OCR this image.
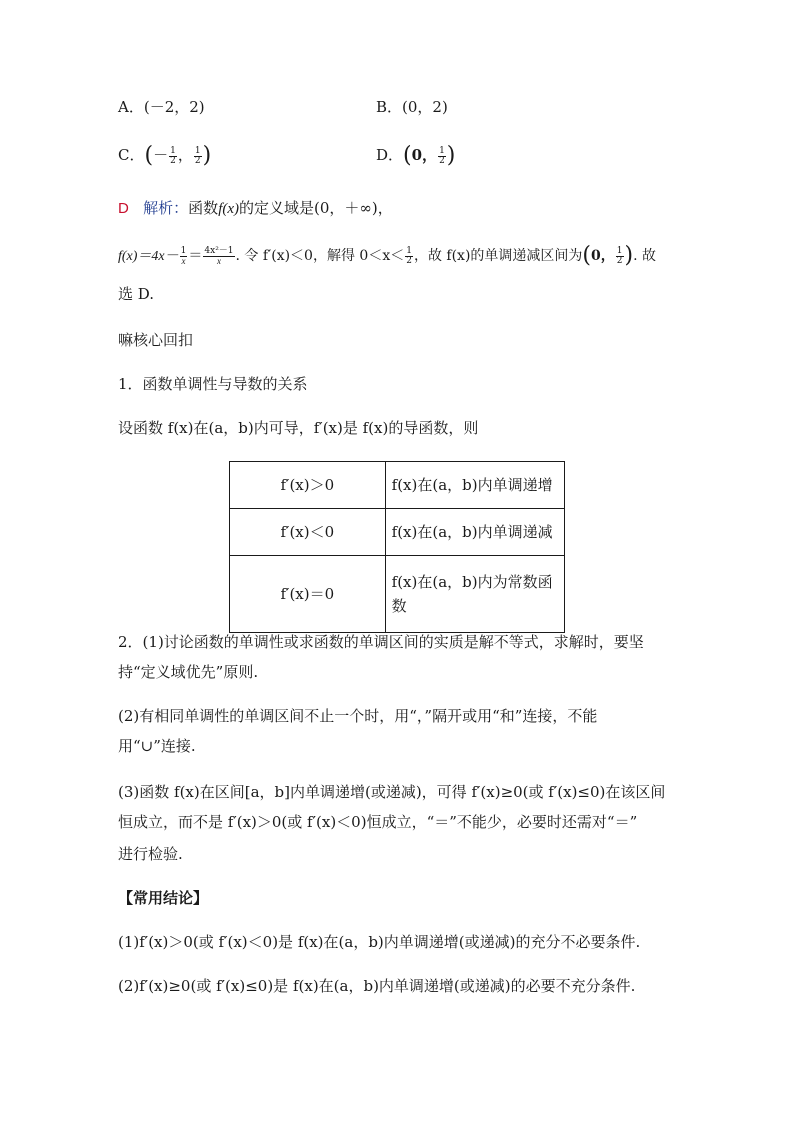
A．(－2，2)	B．(0，2)
C．(－ $\frac{1}{2}$ ， $\frac{1}{2}$ )	D．(0， $\frac{1}{2}$ )
D 解析：函数f(x)的定义域是(0，＋∞)，
$f(x)=4x- \frac{1}{x} = \frac{\text{4x²－1}}{x}$ . 令 f′(x)＜0，解得 $0<x< \frac{1}{2}$ ，故 f(x)的单调递减区间为(0， $\frac{1}{2}$ ). 故
选 D.
嘛核心回扣
1．函数单调性与导数的关系
设函数 f(x)在(a，b)内可导，f′(x)是 f(x)的导函数，则
f′(x)＞0	f(x)在(a，b)内单调递增
f′(x)＜0	f(x)在(a，b)内单调递减
f′(x)＝0	f(x)在(a，b)内为常数函数
2．(1)讨论函数的单调性或求函数的单调区间的实质是解不等式，求解时，要坚
持“定义域优先”原则.
(2)有相同单调性的单调区间不止一个时，用“，”隔开或用“和”连接，不能
用“∪”连接.
(3)函数 f(x)在区间[a，b]内单调递增(或递减)，可得 f′(x)≥0(或 f′(x)≤0)在该区间
恒成立，而不是 f′(x)＞0(或 f′(x)＜0)恒成立，“＝”不能少，必要时还需对“＝”
进行检验.
【常用结论】
(1)f′(x)＞0(或 f′(x)＜0)是 f(x)在(a，b)内单调递增(或递减)的充分不必要条件.
(2)f′(x)≥0(或 f′(x)≤0)是 f(x)在(a，b)内单调递增(或递减)的必要不充分条件.
